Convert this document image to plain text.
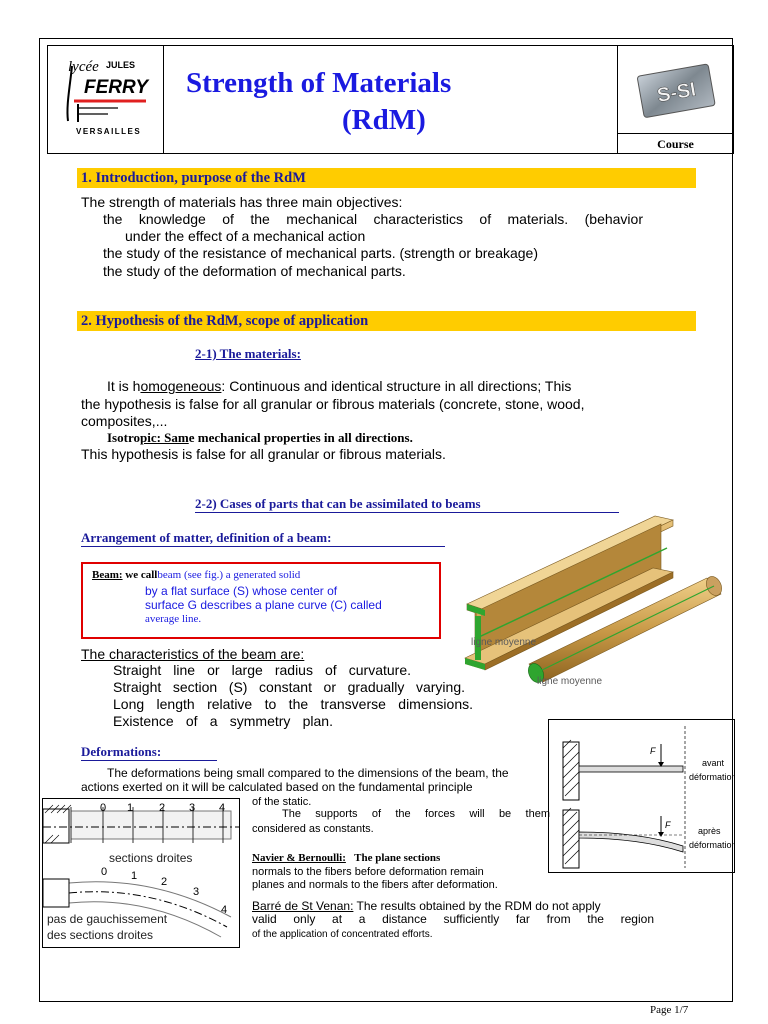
lycée JULES
FERRY
VERSAILLES
Course
S-SI
Strength of Materials
(RdM)
1. Introduction, purpose of the RdM
The strength of materials has three main objectives:
the knowledge of the mechanical characteristics of materials. (behavior
under the effect of a mechanical action
the study of the resistance of mechanical parts. (strength or breakage)
the study of the deformation of mechanical parts.
2. Hypothesis of the RdM, scope of application
2-1) The materials:
It is homogeneous: Continuous and identical structure in all directions; This
the hypothesis is false for all granular or fibrous materials (concrete, stone, wood,
composites,...
Isotropic: Same mechanical properties in all directions.
This hypothesis is false for all granular or fibrous materials.
2-2) Cases of parts that can be assimilated to beams
Arrangement of matter, definition of a beam:
Beam: we callbeam (see fig.) a generated solid
by a flat surface (S) whose center of
surface G describes a plane curve (C) called
average line.
ligne moyenne
ligne moyenne
The characteristics of the beam are:
Straight line or large radius of curvature.
Straight section (S) constant or gradually varying.
Long length relative to the transverse dimensions.
Existence of a symmetry plan.
Deformations:
The deformations being small compared to the dimensions of the beam, the
actions exerted on it will be calculated based on the fundamental principle
of the static.
The supports of the forces will be them
considered as constants.
Navier & Bernoulli: The plane sections
normals to the fibers before deformation remain
planes and normals to the fibers after deformation.
Barré de St Venan: The results obtained by the RDM do not apply
valid only at a distance sufficiently far from the region
of the application of concentrated efforts.
0 1 2 3 4
sections droites
0 1 2
3
4
pas de gauchissement
des sections droites
F
avant
déformation
F
après
déformation
Page 1/7
